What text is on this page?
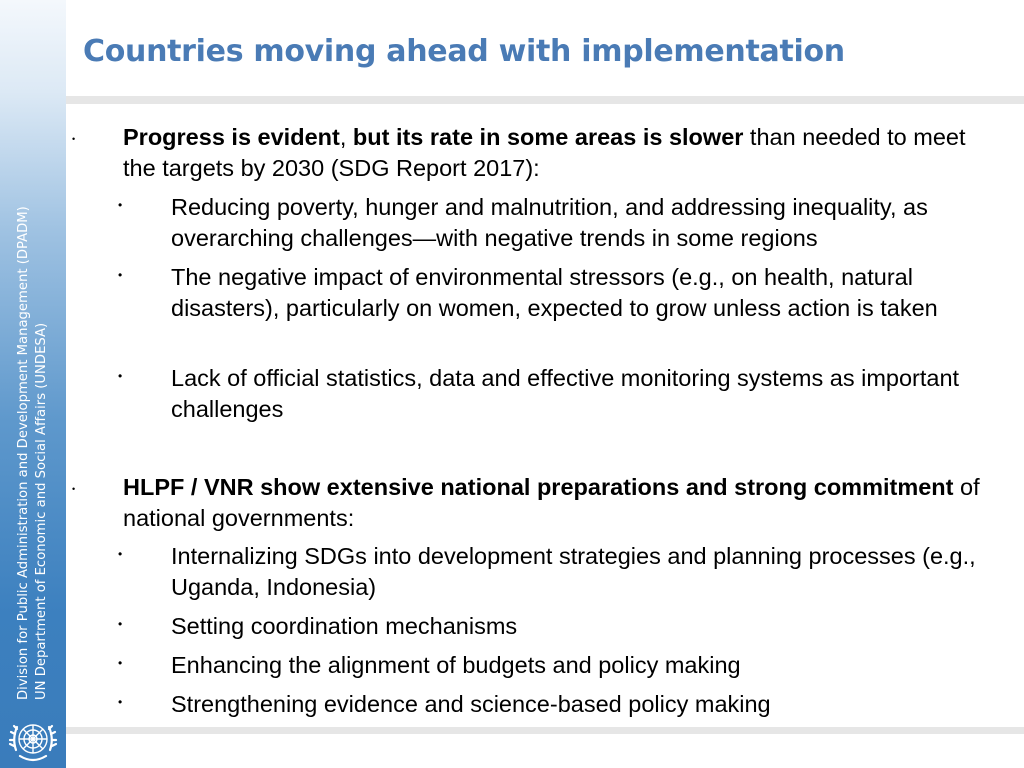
Division for Public Administration and Development Management (DPADM) UN Department of Economic and Social Affairs (UNDESA)
Countries moving ahead with implementation
• Progress is evident, but its rate in some areas is slower than needed to meet the targets by 2030 (SDG Report 2017):
• Reducing poverty, hunger and malnutrition, and addressing inequality, as overarching challenges—with negative trends in some regions
• The negative impact of environmental stressors (e.g., on health, natural disasters), particularly on women, expected to grow unless action is taken
• Lack of official statistics, data and effective monitoring systems as important challenges
• HLPF / VNR show extensive national preparations and strong commitment of national governments:
• Internalizing SDGs into development strategies and planning processes (e.g., Uganda, Indonesia)
• Setting coordination mechanisms
• Enhancing the alignment of budgets and policy making
• Strengthening evidence and science-based policy making
